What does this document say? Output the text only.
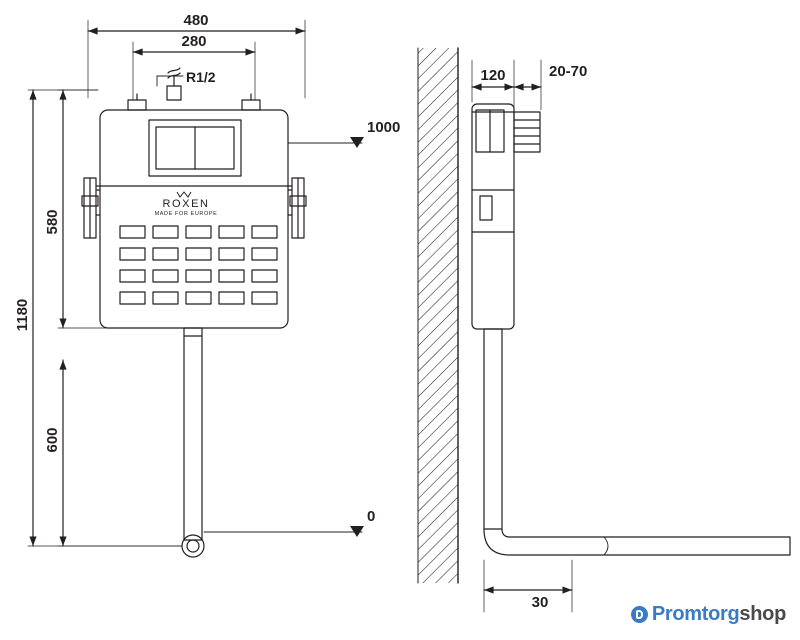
480
280
R1/2
1000
0
1180
580
600
120	20-70
30
ROXEN
MADE FOR EUROPE
Promtorgshop
